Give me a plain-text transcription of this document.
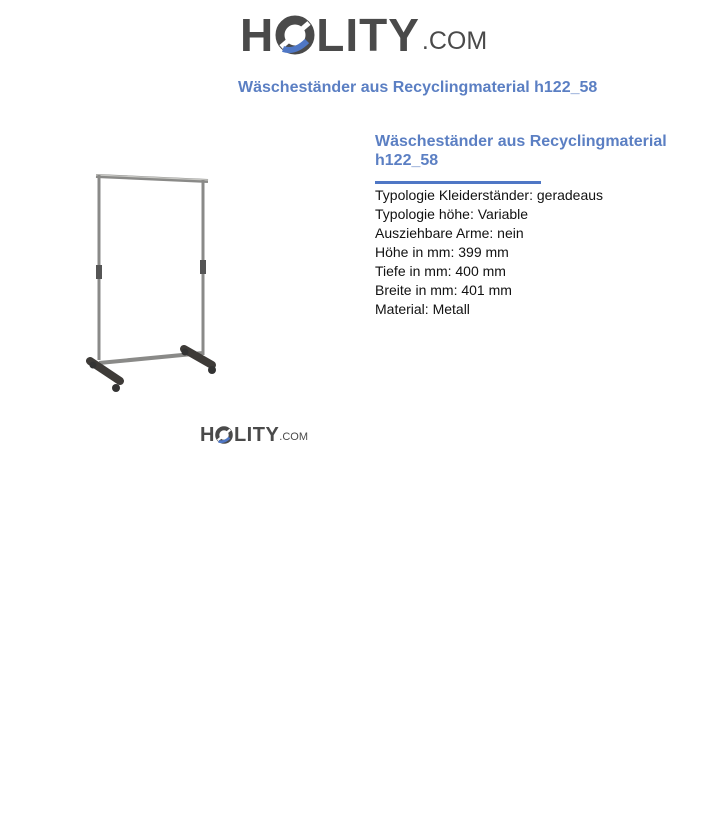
H LITY .COM
Wäscheständer aus Recyclingmaterial h122_58
H LITY .COM
Wäscheständer aus Recyclingmaterial h122_58
Typologie Kleiderständer: geradeaus
Typologie höhe: Variable
Ausziehbare Arme: nein
Höhe in mm: 399 mm
Tiefe in mm: 400 mm
Breite in mm: 401 mm
Material: Metall
